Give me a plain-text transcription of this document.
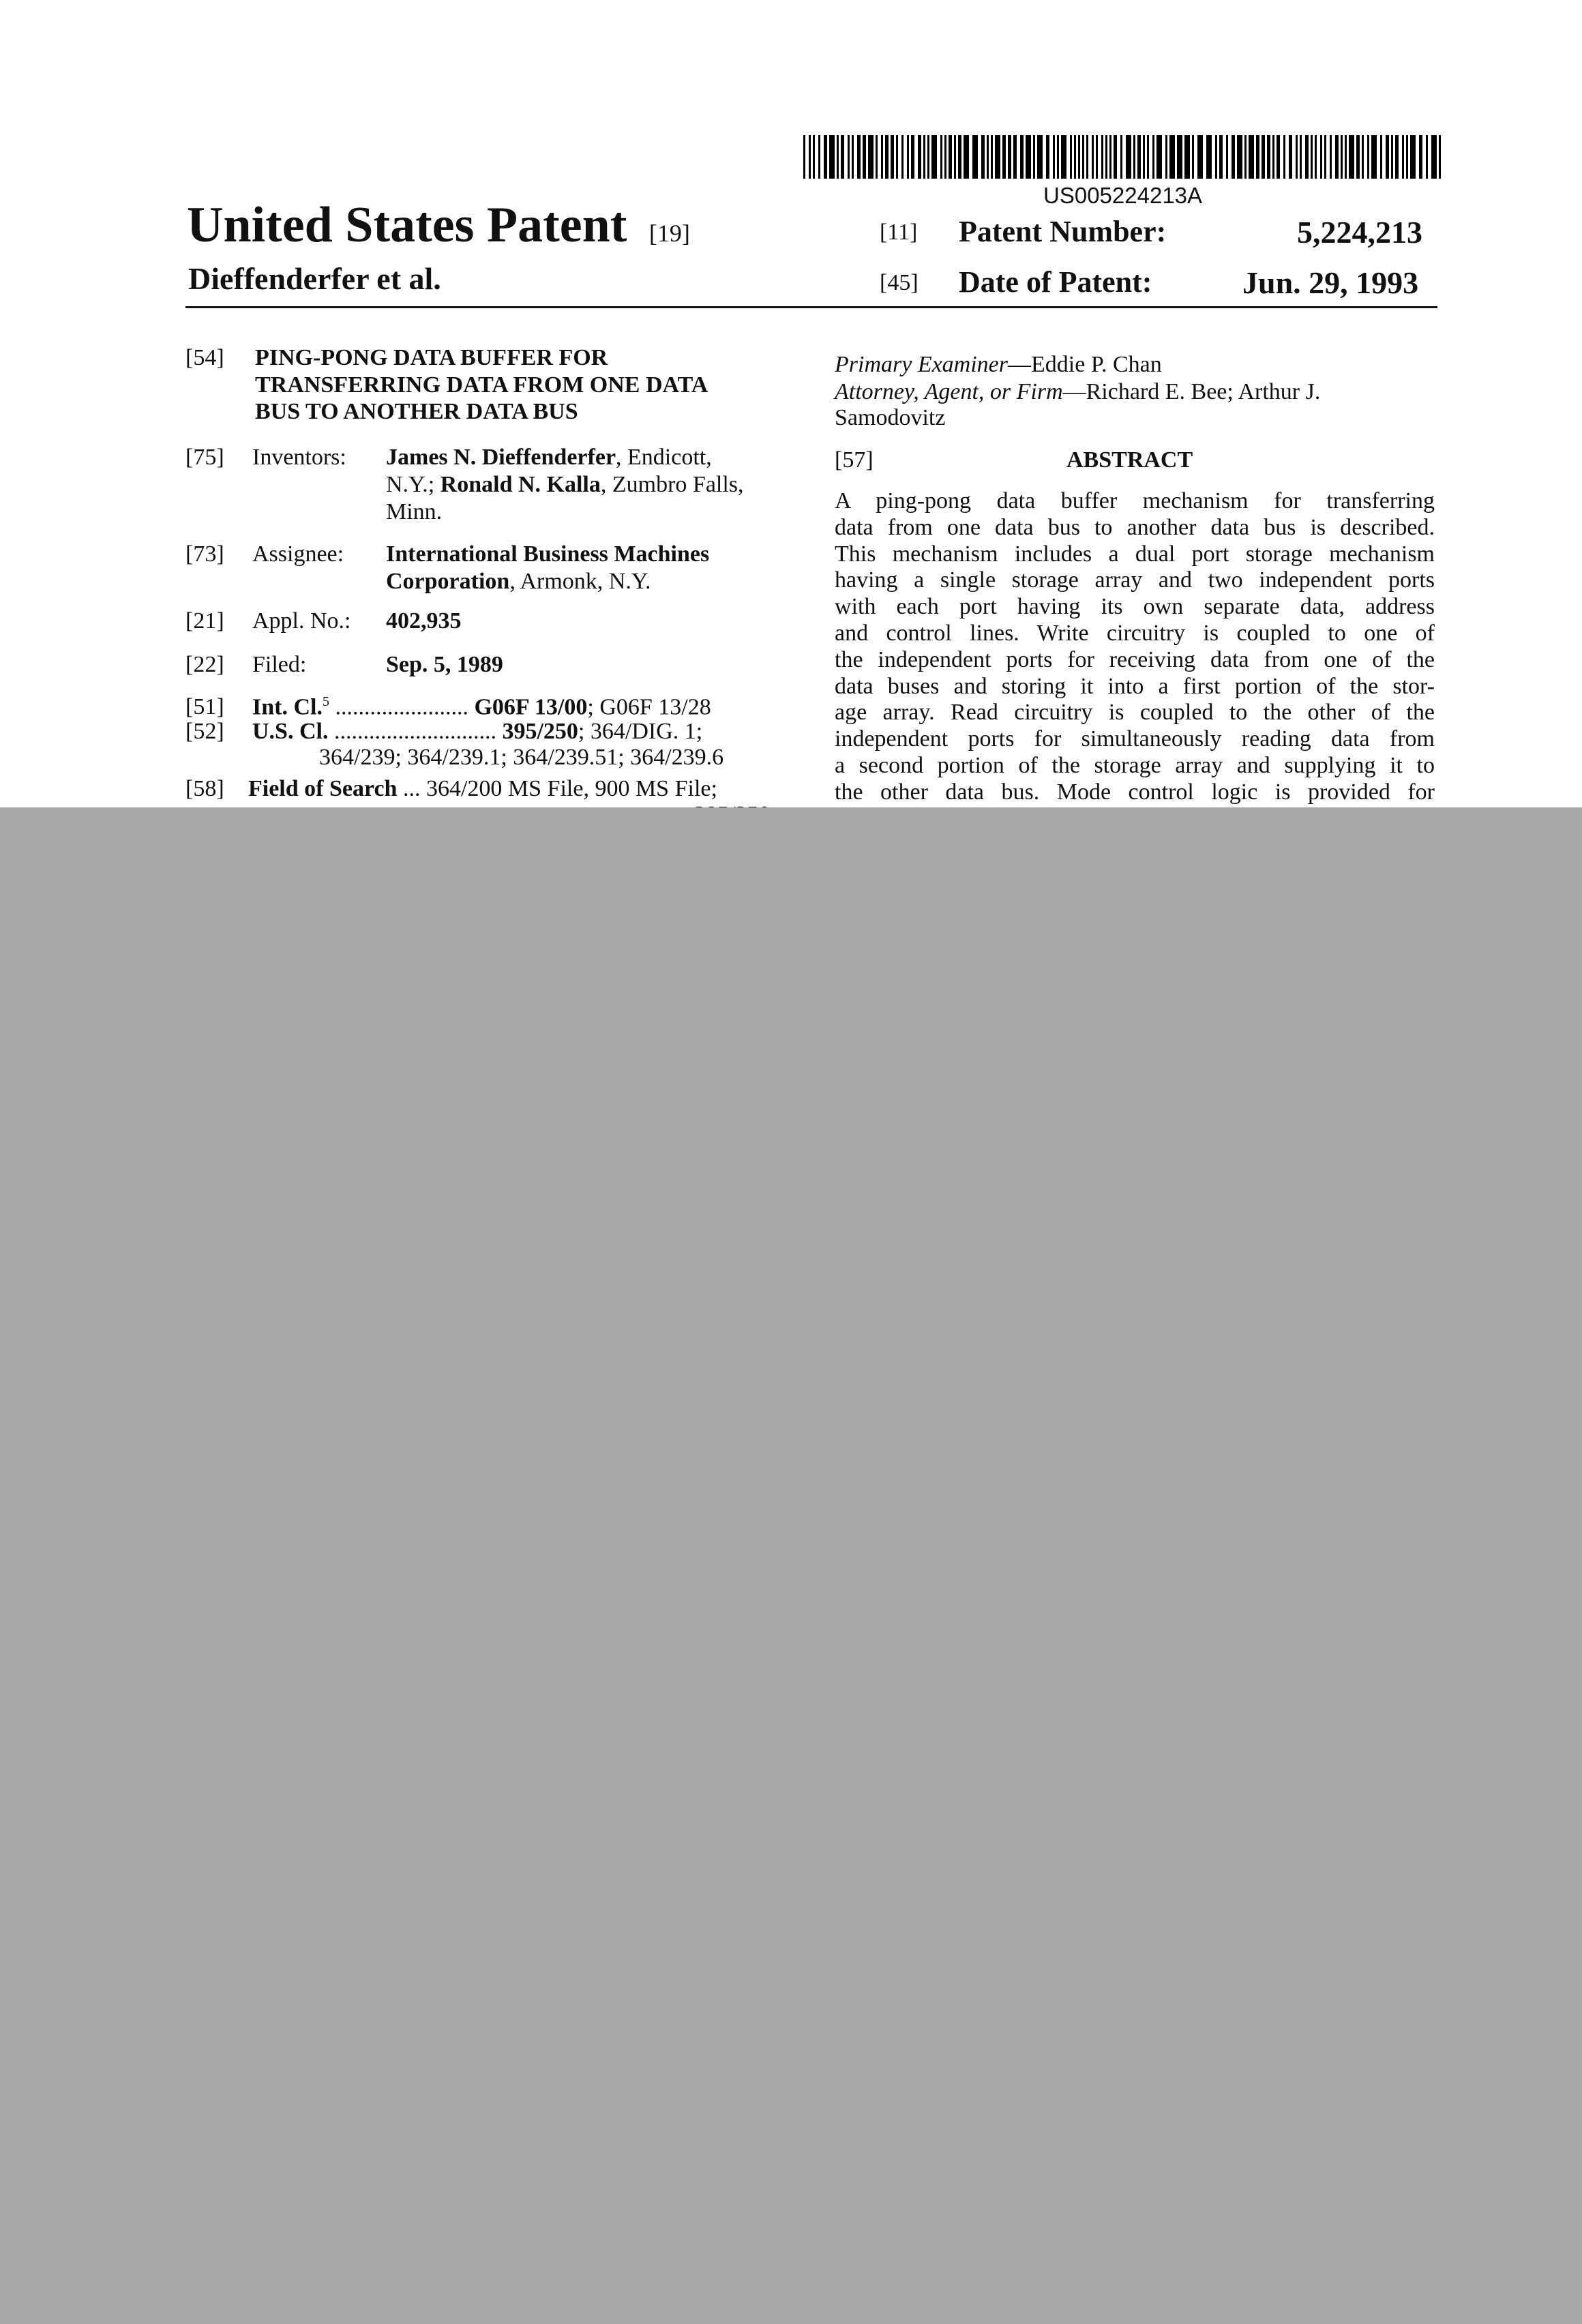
US005224213A
United States Patent [19]
Dieffenderfer et al.
[11] Patent Number:	5,224,213
[45] Date of Patent:	Jun. 29, 1993
[54] PING-PONG DATA BUFFER FOR
TRANSFERRING DATA FROM ONE DATA
BUS TO ANOTHER DATA BUS
[75] Inventors: James N. Dieffenderfer, Endicott,
N.Y.; Ronald N. Kalla, Zumbro Falls,
Minn.
[73] Assignee: International Business Machines
Corporation, Armonk, N.Y.
[21] Appl. No.: 402,935
[22] Filed:	Sep. 5, 1989
[51] Int. Cl.$^5$ ....................... G06F 13/00; G06F 13/28
[52] U.S. Cl. ............................ 395/250; 364/DIG. 1;
364/239; 364/239.1; 364/239.51; 364/239.6
[58] Field of Search ... 364/200 MS File, 900 MS File;
Primary Examiner—Eddie P. Chan
Attorney, Agent, or Firm—Richard E. Bee; Arthur J.
Samodovitz
[57]	ABSTRACT
A ping-pong data buffer mechanism for transferring
data from one data bus to another data bus is described.
This mechanism includes a dual port storage mechanism
having a single storage array and two independent ports
with each port having its own separate data, address
and control lines. Write circuitry is coupled to one of
the independent ports for receiving data from one of the
data buses and storing it into a first portion of the stor-
age array. Read circuitry is coupled to the other of the
independent ports for simultaneously reading data from
a second portion of the storage array and supplying it to
the other data bus. Mode control logic is provided for
